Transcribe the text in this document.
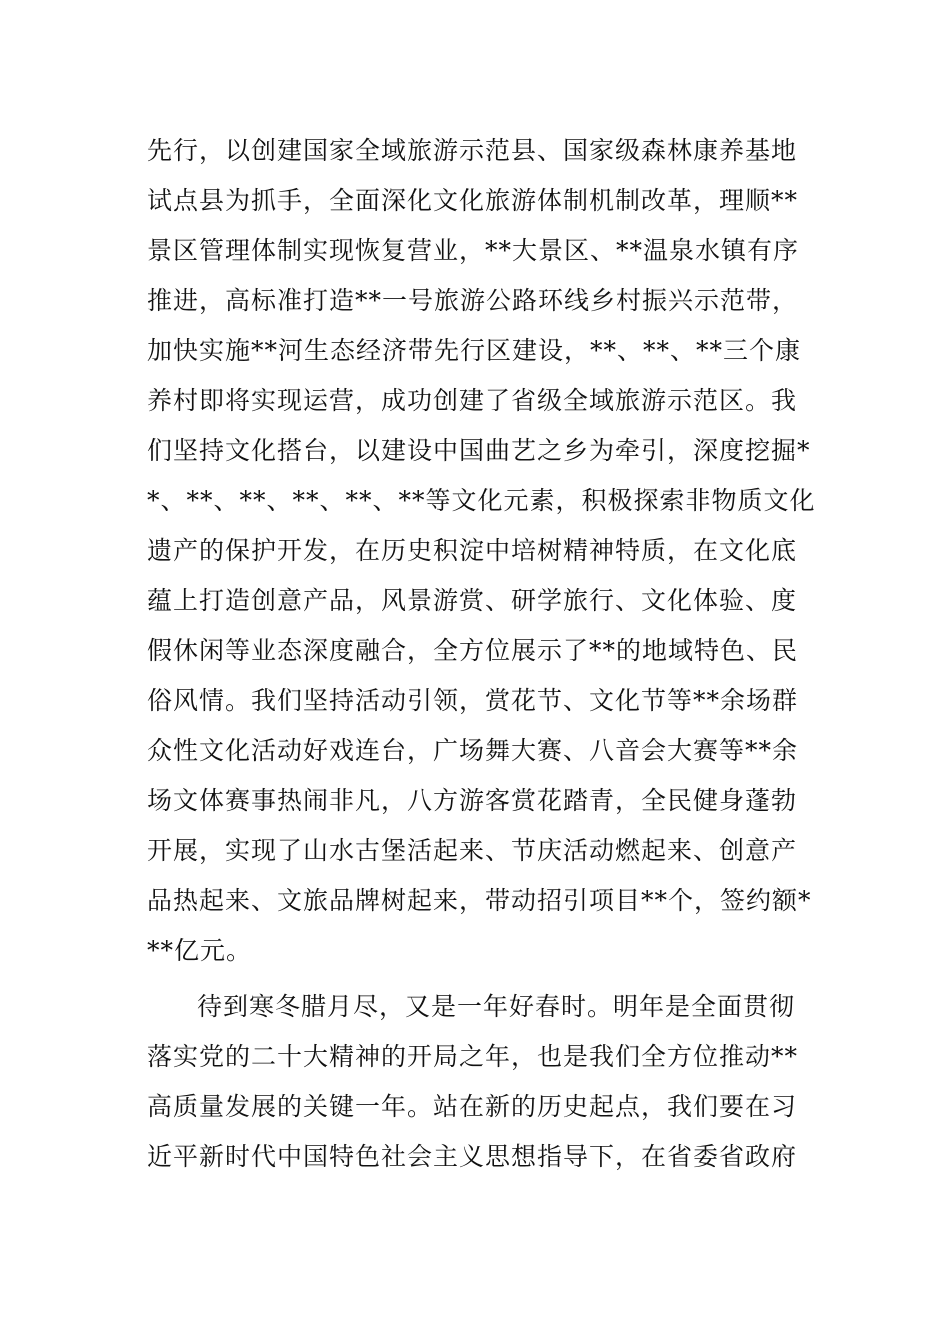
先行，以创建国家全域旅游示范县、国家级森林康养基地
试点县为抓手，全面深化文化旅游体制机制改革，理顺**
景区管理体制实现恢复营业，**大景区、**温泉水镇有序
推进，高标准打造**一号旅游公路环线乡村振兴示范带，
加快实施**河生态经济带先行区建设，**、**、**三个康
养村即将实现运营，成功创建了省级全域旅游示范区。我
们坚持文化搭台，以建设中国曲艺之乡为牵引，深度挖掘*
*、**、**、**、**、**等文化元素，积极探索非物质文化
遗产的保护开发，在历史积淀中培树精神特质，在文化底
蕴上打造创意产品，风景游赏、研学旅行、文化体验、度
假休闲等业态深度融合，全方位展示了**的地域特色、民
俗风情。我们坚持活动引领，赏花节、文化节等**余场群
众性文化活动好戏连台，广场舞大赛、八音会大赛等**余
场文体赛事热闹非凡，八方游客赏花踏青，全民健身蓬勃
开展，实现了山水古堡活起来、节庆活动燃起来、创意产
品热起来、文旅品牌树起来，带动招引项目**个，签约额*
**亿元。
待到寒冬腊月尽，又是一年好春时。明年是全面贯彻
落实党的二十大精神的开局之年，也是我们全方位推动**
高质量发展的关键一年。站在新的历史起点，我们要在习
近平新时代中国特色社会主义思想指导下，在省委省政府
